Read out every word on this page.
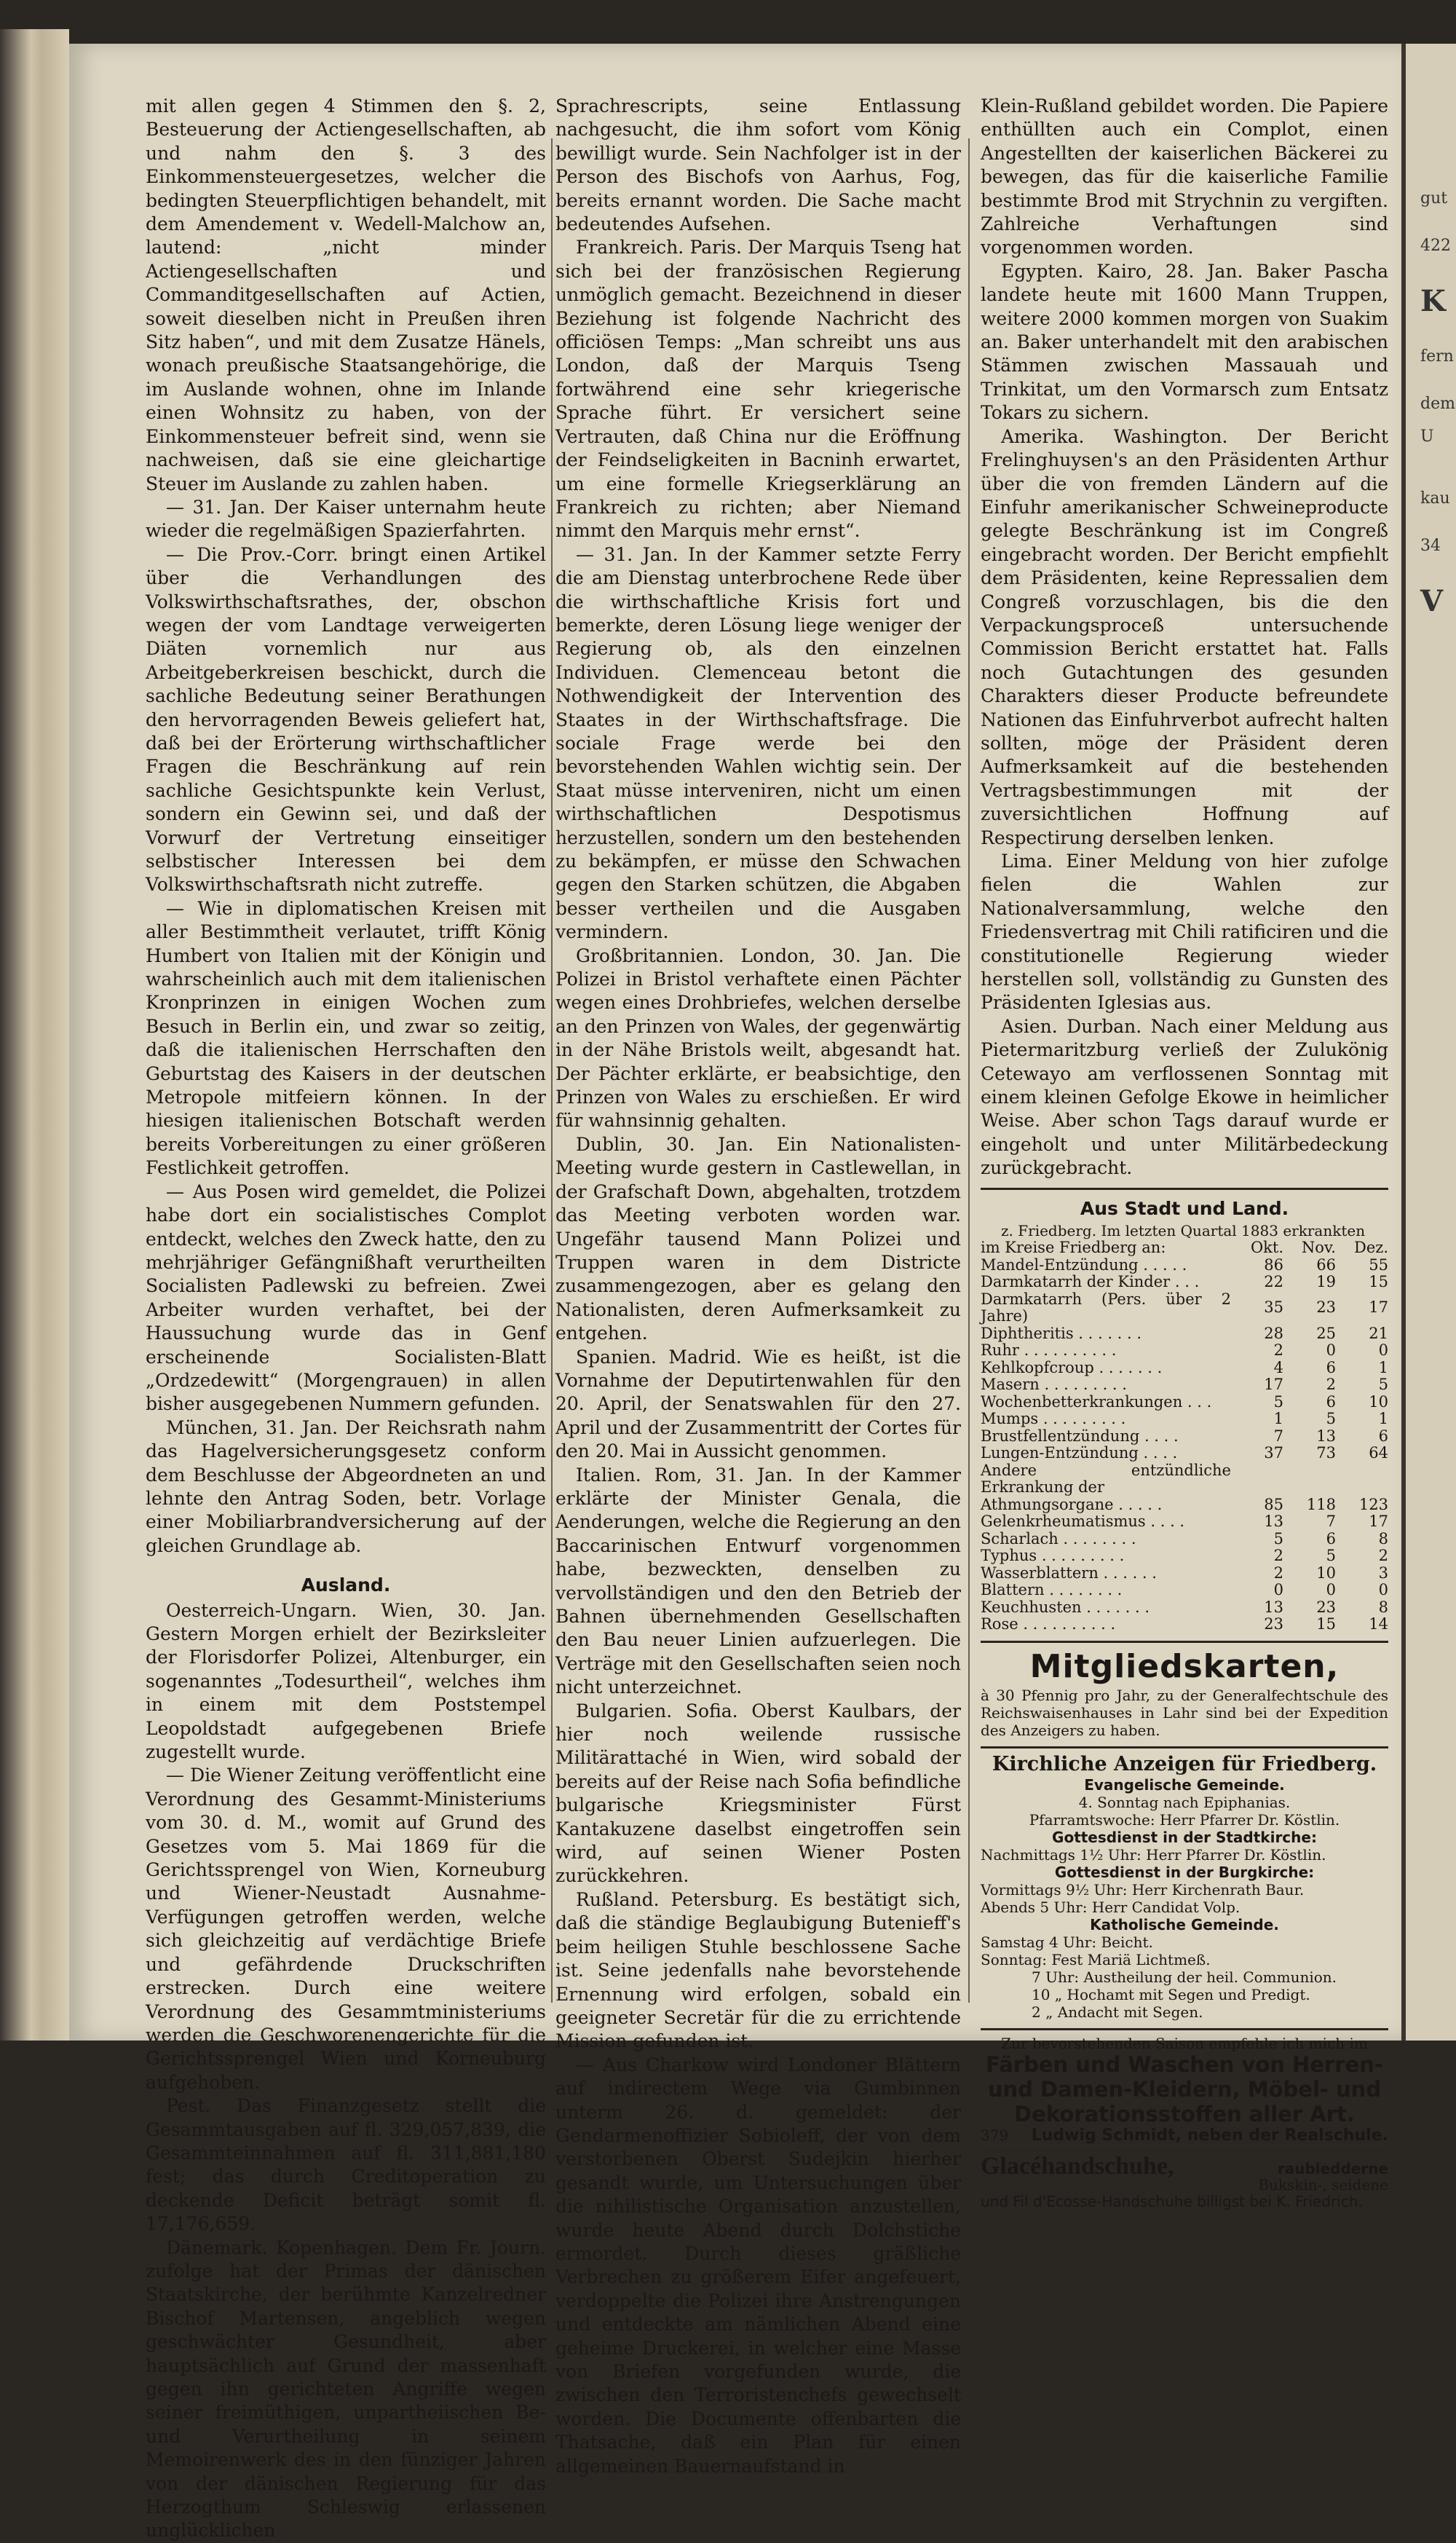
gut
422
K
fern
dem
U
kau
34
V

mit allen gegen 4 Stimmen den §. 2, Besteuerung der Actiengesellschaften, ab und nahm den §. 3 des Einkommensteuergesetzes, welcher die bedingten Steuerpflichtigen behandelt, mit dem Amendement v. Wedell-Malchow an, lautend: „nicht minder Actiengesellschaften und Commanditgesellschaften auf Actien, soweit dieselben nicht in Preußen ihren Sitz haben“, und mit dem Zusatze Hänels, wonach preußische Staatsangehörige, die im Auslande wohnen, ohne im Inlande einen Wohnsitz zu haben, von der Einkommensteuer befreit sind, wenn sie nachweisen, daß sie eine gleichartige Steuer im Auslande zu zahlen haben.

— 31. Jan. Der Kaiser unternahm heute wieder die regelmäßigen Spazierfahrten.

— Die Prov.-Corr. bringt einen Artikel über die Verhandlungen des Volkswirthschaftsrathes, der, obschon wegen der vom Landtage verweigerten Diäten vornemlich nur aus Arbeitgeberkreisen beschickt, durch die sachliche Bedeutung seiner Berathungen den hervorragenden Beweis geliefert hat, daß bei der Erörterung wirthschaftlicher Fragen die Beschränkung auf rein sachliche Gesichtspunkte kein Verlust, sondern ein Gewinn sei, und daß der Vorwurf der Vertretung einseitiger selbstischer Interessen bei dem Volkswirthschaftsrath nicht zutreffe.

— Wie in diplomatischen Kreisen mit aller Bestimmtheit verlautet, trifft König Humbert von Italien mit der Königin und wahrscheinlich auch mit dem italienischen Kronprinzen in einigen Wochen zum Besuch in Berlin ein, und zwar so zeitig, daß die italienischen Herrschaften den Geburtstag des Kaisers in der deutschen Metropole mitfeiern können. In der hiesigen italienischen Botschaft werden bereits Vorbereitungen zu einer größeren Festlichkeit getroffen.

— Aus Posen wird gemeldet, die Polizei habe dort ein socialistisches Complot entdeckt, welches den Zweck hatte, den zu mehrjähriger Gefängnißhaft verurtheilten Socialisten Padlewski zu befreien. Zwei Arbeiter wurden verhaftet, bei der Haussuchung wurde das in Genf erscheinende Socialisten-Blatt „Ordzedewitt“ (Morgengrauen) in allen bisher ausgegebenen Nummern gefunden.

München, 31. Jan. Der Reichsrath nahm das Hagelversicherungsgesetz conform dem Beschlusse der Abgeordneten an und lehnte den Antrag Soden, betr. Vorlage einer Mobiliarbrandversicherung auf der gleichen Grundlage ab.

Ausland.

Oesterreich-Ungarn. Wien, 30. Jan. Gestern Morgen erhielt der Bezirksleiter der Florisdorfer Polizei, Altenburger, ein sogenanntes „Todesurtheil“, welches ihm in einem mit dem Poststempel Leopoldstadt aufgegebenen Briefe zugestellt wurde.

— Die Wiener Zeitung veröffentlicht eine Verordnung des Gesammt-Ministeriums vom 30. d. M., womit auf Grund des Gesetzes vom 5. Mai 1869 für die Gerichtssprengel von Wien, Korneuburg und Wiener-Neustadt Ausnahme-Verfügungen getroffen werden, welche sich gleichzeitig auf verdächtige Briefe und gefährdende Druckschriften erstrecken. Durch eine weitere Verordnung des Gesammtministeriums werden die Geschworenengerichte für die Gerichtssprengel Wien und Korneuburg aufgehoben.

Pest. Das Finanzgesetz stellt die Gesammtausgaben auf fl. 329,057,839, die Gesammteinnahmen auf fl. 311,881,180 fest; das durch Creditoperation zu deckende Deficit beträgt somit fl. 17,176,659.

Dänemark. Kopenhagen. Dem Fr. Journ. zufolge hat der Primas der dänischen Staatskirche, der berühmte Kanzelredner Bischof Martensen, angeblich wegen geschwächter Gesundheit, aber hauptsächlich auf Grund der massenhaft gegen ihn gerichteten Angriffe wegen seiner freimüthigen, unpartheiischen Be- und Verurtheilung in seinem Memoirenwerk des in den fünziger Jahren von der dänischen Regierung für das Herzogthum Schleswig erlassenen unglücklichen

Sprachrescripts, seine Entlassung nachgesucht, die ihm sofort vom König bewilligt wurde. Sein Nachfolger ist in der Person des Bischofs von Aarhus, Fog, bereits ernannt worden. Die Sache macht bedeutendes Aufsehen.

Frankreich. Paris. Der Marquis Tseng hat sich bei der französischen Regierung unmöglich gemacht. Bezeichnend in dieser Beziehung ist folgende Nachricht des officiösen Temps: „Man schreibt uns aus London, daß der Marquis Tseng fortwährend eine sehr kriegerische Sprache führt. Er versichert seine Vertrauten, daß China nur die Eröffnung der Feindseligkeiten in Bacninh erwartet, um eine formelle Kriegserklärung an Frankreich zu richten; aber Niemand nimmt den Marquis mehr ernst“.

— 31. Jan. In der Kammer setzte Ferry die am Dienstag unterbrochene Rede über die wirthschaftliche Krisis fort und bemerkte, deren Lösung liege weniger der Regierung ob, als den einzelnen Individuen. Clemenceau betont die Nothwendigkeit der Intervention des Staates in der Wirthschaftsfrage. Die sociale Frage werde bei den bevorstehenden Wahlen wichtig sein. Der Staat müsse interveniren, nicht um einen wirthschaftlichen Despotismus herzustellen, sondern um den bestehenden zu bekämpfen, er müsse den Schwachen gegen den Starken schützen, die Abgaben besser vertheilen und die Ausgaben vermindern.

Großbritannien. London, 30. Jan. Die Polizei in Bristol verhaftete einen Pächter wegen eines Drohbriefes, welchen derselbe an den Prinzen von Wales, der gegenwärtig in der Nähe Bristols weilt, abgesandt hat. Der Pächter erklärte, er beabsichtige, den Prinzen von Wales zu erschießen. Er wird für wahnsinnig gehalten.

Dublin, 30. Jan. Ein Nationalisten-Meeting wurde gestern in Castlewellan, in der Grafschaft Down, abgehalten, trotzdem das Meeting verboten worden war. Ungefähr tausend Mann Polizei und Truppen waren in dem Districte zusammengezogen, aber es gelang den Nationalisten, deren Aufmerksamkeit zu entgehen.

Spanien. Madrid. Wie es heißt, ist die Vornahme der Deputirtenwahlen für den 20. April, der Senatswahlen für den 27. April und der Zusammentritt der Cortes für den 20. Mai in Aussicht genommen.

Italien. Rom, 31. Jan. In der Kammer erklärte der Minister Genala, die Aenderungen, welche die Regierung an den Baccarinischen Entwurf vorgenommen habe, bezweckten, denselben zu vervollständigen und den den Betrieb der Bahnen übernehmenden Gesellschaften den Bau neuer Linien aufzuerlegen. Die Verträge mit den Gesellschaften seien noch nicht unterzeichnet.

Bulgarien. Sofia. Oberst Kaulbars, der hier noch weilende russische Militärattaché in Wien, wird sobald der bereits auf der Reise nach Sofia befindliche bulgarische Kriegsminister Fürst Kantakuzene daselbst eingetroffen sein wird, auf seinen Wiener Posten zurückkehren.

Rußland. Petersburg. Es bestätigt sich, daß die ständige Beglaubigung Butenieff's beim heiligen Stuhle beschlossene Sache ist. Seine jedenfalls nahe bevorstehende Ernennung wird erfolgen, sobald ein geeigneter Secretär für die zu errichtende Mission gefunden ist.

— Aus Charkow wird Londoner Blättern auf indirectem Wege via Gumbinnen unterm 26. d. gemeldet: der Gendarmenoffizier Sobioleff, der von dem verstorbenen Oberst Sudejkin hierher gesandt wurde, um Untersuchungen über die nihilistische Organisation anzustellen, wurde heute Abend durch Dolchstiche ermordet. Durch dieses gräßliche Verbrechen zu größerem Eifer angefeuert, verdoppelte die Polizei ihre Anstrengungen und entdeckte am nämlichen Abend eine geheime Druckerei, in welcher eine Masse von Briefen vorgefunden wurde, die zwischen den Terroristenchefs gewechselt worden. Die Documente offenbarten die Thatsache, daß ein Plan für einen allgemeinen Bauernaufstand in

Klein-Rußland gebildet worden. Die Papiere enthüllten auch ein Complot, einen Angestellten der kaiserlichen Bäckerei zu bewegen, das für die kaiserliche Familie bestimmte Brod mit Strychnin zu vergiften. Zahlreiche Verhaftungen sind vorgenommen worden.

Egypten. Kairo, 28. Jan. Baker Pascha landete heute mit 1600 Mann Truppen, weitere 2000 kommen morgen von Suakim an. Baker unterhandelt mit den arabischen Stämmen zwischen Massauah und Trinkitat, um den Vormarsch zum Entsatz Tokars zu sichern.

Amerika. Washington. Der Bericht Frelinghuysen's an den Präsidenten Arthur über die von fremden Ländern auf die Einfuhr amerikanischer Schweineproducte gelegte Beschränkung ist im Congreß eingebracht worden. Der Bericht empfiehlt dem Präsidenten, keine Repressalien dem Congreß vorzuschlagen, bis die den Verpackungsproceß untersuchende Commission Bericht erstattet hat. Falls noch Gutachtungen des gesunden Charakters dieser Producte befreundete Nationen das Einfuhrverbot aufrecht halten sollten, möge der Präsident deren Aufmerksamkeit auf die bestehenden Vertragsbestimmungen mit der zuversichtlichen Hoffnung auf Respectirung derselben lenken.

Lima. Einer Meldung von hier zufolge fielen die Wahlen zur Nationalversammlung, welche den Friedensvertrag mit Chili ratificiren und die constitutionelle Regierung wieder herstellen soll, vollständig zu Gunsten des Präsidenten Iglesias aus.

Asien. Durban. Nach einer Meldung aus Pietermaritzburg verließ der Zulukönig Cetewayo am verflossenen Sonntag mit einem kleinen Gefolge Ekowe in heimlicher Weise. Aber schon Tags darauf wurde er eingeholt und unter Militärbedeckung zurückgebracht.

Aus Stadt und Land.
z. Friedberg. Im letzten Quartal 1883 erkrankten
im Kreise Friedberg an:	Okt.	Nov.	Dez.
Mandel-Entzündung . . . . .	86	66	55
Darmkatarrh der Kinder . . .	22	19	15
Darmkatarrh (Pers. über 2 Jahre)	35	23	17
Diphtheritis . . . . . . .	28	25	21
Ruhr . . . . . . . . . .	2	0	0
Kehlkopfcroup . . . . . . .	4	6	1
Masern . . . . . . . . .	17	2	5
Wochenbetterkrankungen . . .	5	6	10
Mumps . . . . . . . . .	1	5	1
Brustfellentzündung . . . .	7	13	6
Lungen-Entzündung . . . .	37	73	64
Andere entzündliche Erkrankung der			
Athmungsorgane . . . . .	85	118	123
Gelenkrheumatismus . . . .	13	7	17
Scharlach . . . . . . . .	5	6	8
Typhus . . . . . . . . .	2	5	2
Wasserblattern . . . . . .	2	10	3
Blattern . . . . . . . .	0	0	0
Keuchhusten . . . . . . .	13	23	8
Rose . . . . . . . . . .	23	15	14
Mitgliedskarten,
à 30 Pfennig pro Jahr, zu der Generalfechtschule des Reichswaisenhauses in Lahr sind bei der Expedition des Anzeigers zu haben.
Kirchliche Anzeigen für Friedberg.
Evangelische Gemeinde.
4. Sonntag nach Epiphanias.
Pfarramtswoche: Herr Pfarrer Dr. Köstlin.
Gottesdienst in der Stadtkirche:
Nachmittags 1½ Uhr: Herr Pfarrer Dr. Köstlin.
Gottesdienst in der Burgkirche:
Vormittags 9½ Uhr: Herr Kirchenrath Baur.
Abends 5 Uhr: Herr Candidat Volp.
Katholische Gemeinde.
Samstag 4 Uhr: Beicht.
Sonntag: Fest Mariä Lichtmeß.
7 Uhr: Austheilung der heil. Communion.
10 „ Hochamt mit Segen und Predigt.
2 „ Andacht mit Segen.
Zur bevorstehenden Saison empfehle ich mich im
Färben und Waschen von Herren-
und Damen-Kleidern, Möbel- und
Dekorationsstoffen aller Art.
379 Ludwig Schmidt, neben der Realschule.
Glacéhandschuhe,	raubledderne
Bukskin-, seidene
und Fil d'Ecosse-Handschuhe billigst bei K. Friedrich.
